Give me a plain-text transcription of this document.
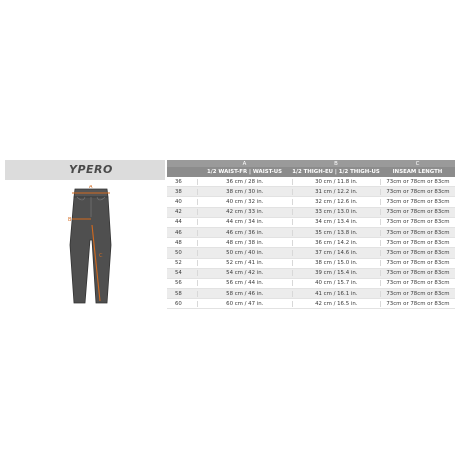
YPERO
A
B
C
A	B	C
1/2 WAIST-FR | WAIST-US	1/2 THIGH-EU | 1/2 THIGH-US	INSEAM LENGTH
36	36 cm / 28 in.	30 cm / 11.8 in.	73cm or 78cm or 83cm
38	38 cm / 30 in.	31 cm / 12.2 in.	73cm or 78cm or 83cm
40	40 cm / 32 in.	32 cm / 12.6 in.	73cm or 78cm or 83cm
42	42 cm / 33 in.	33 cm / 13.0 in.	73cm or 78cm or 83cm
44	44 cm / 34 in.	34 cm / 13.4 in.	73cm or 78cm or 83cm
46	46 cm / 36 in.	35 cm / 13.8 in.	73cm or 78cm or 83cm
48	48 cm / 38 in.	36 cm / 14.2 in.	73cm or 78cm or 83cm
50	50 cm / 40 in.	37 cm / 14.6 in.	73cm or 78cm or 83cm
52	52 cm / 41 in.	38 cm / 15.0 in.	73cm or 78cm or 83cm
54	54 cm / 42 in.	39 cm / 15.4 in.	73cm or 78cm or 83cm
56	56 cm / 44 in.	40 cm / 15.7 in.	73cm or 78cm or 83cm
58	58 cm / 46 in.	41 cm / 16.1 in.	73cm or 78cm or 83cm
60	60 cm / 47 in.	42 cm / 16.5 in.	73cm or 78cm or 83cm
